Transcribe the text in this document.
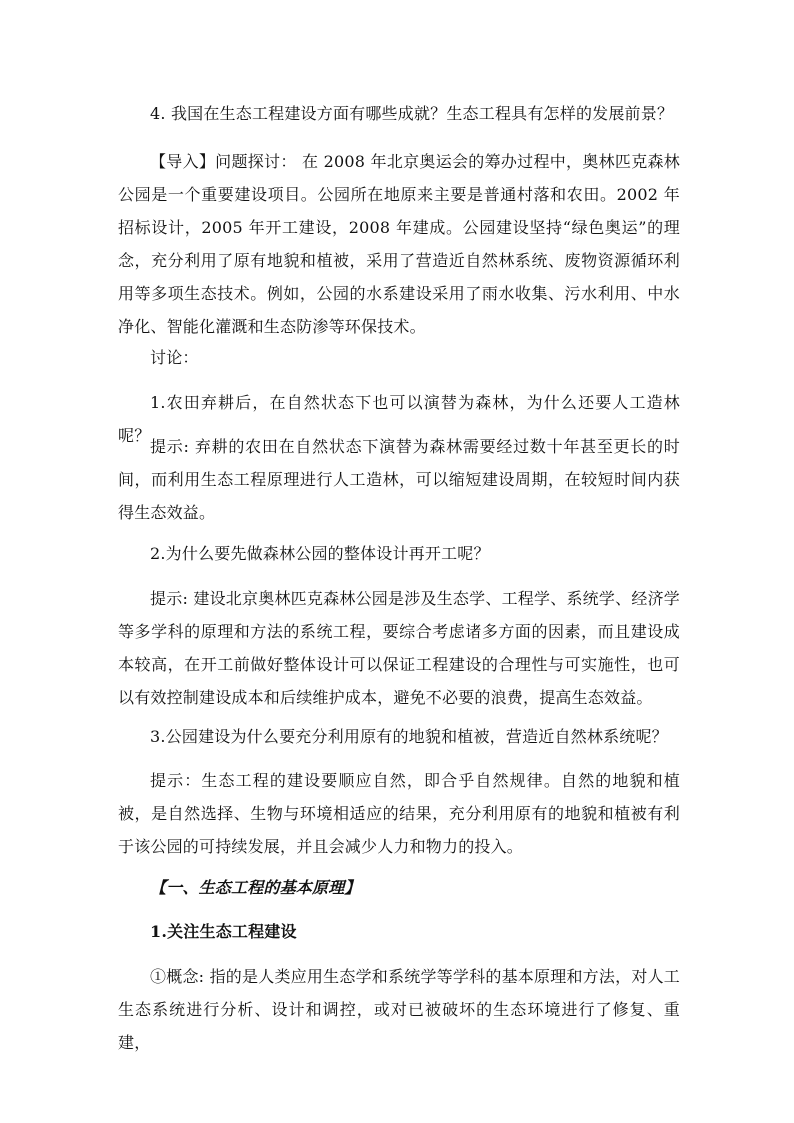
4. 我国在生态工程建设方面有哪些成就？生态工程具有怎样的发展前景？

【导入】问题探讨： 在 2008 年北京奥运会的筹办过程中，奥林匹克森林公园是一个重要建设项目。公园所在地原来主要是普通村落和农田。2002 年招标设计，2005 年开工建设，2008 年建成。公园建设坚持“绿色奥运”的理念，充分利用了原有地貌和植被，采用了营造近自然林系统、废物资源循环利用等多项生态技术。例如，公园的水系建设采用了雨水收集、污水利用、中水净化、智能化灌溉和生态防渗等环保技术。

讨论：

1.农田弃耕后，在自然状态下也可以演替为森林，为什么还要人工造林呢？

提示: 弃耕的农田在自然状态下演替为森林需要经过数十年甚至更长的时间，而利用生态工程原理进行人工造林，可以缩短建设周期，在较短时间内获得生态效益。

2.为什么要先做森林公园的整体设计再开工呢？

提示: 建设北京奥林匹克森林公园是涉及生态学、工程学、系统学、经济学等多学科的原理和方法的系统工程，要综合考虑诸多方面的因素，而且建设成本较高，在开工前做好整体设计可以保证工程建设的合理性与可实施性，也可以有效控制建设成本和后续维护成本，避免不必要的浪费，提高生态效益。

3.公园建设为什么要充分利用原有的地貌和植被，营造近自然林系统呢？

提示：生态工程的建设要顺应自然，即合乎自然规律。自然的地貌和植被，是自然选择、生物与环境相适应的结果，充分利用原有的地貌和植被有利于该公园的可持续发展，并且会减少人力和物力的投入。

【一、生态工程的基本原理】

1.关注生态工程建设

①概念: 指的是人类应用生态学和系统学等学科的基本原理和方法，对人工生态系统进行分析、设计和调控，或对已被破坏的生态环境进行了修复、重建，
